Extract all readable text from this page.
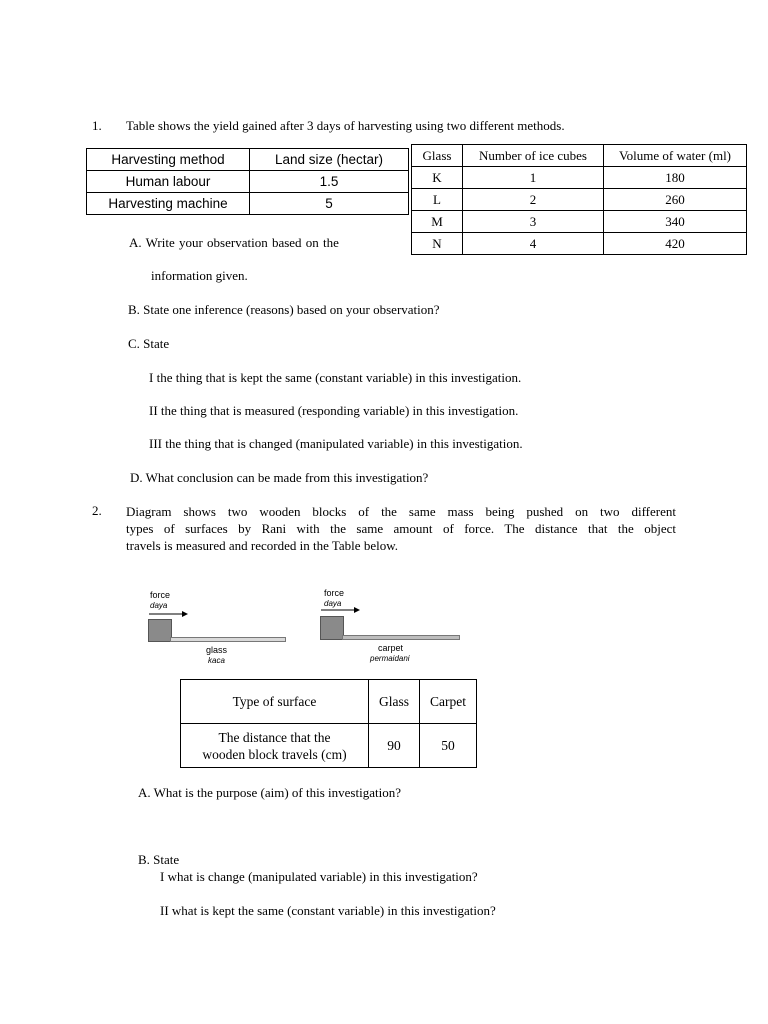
1. Table shows the yield gained after 3 days of harvesting using two different methods.
Harvesting method	Land size (hectar)
Human labour	1.5
Harvesting machine	5
Glass	Number of ice cubes	Volume of water (ml)
K	1	180
L	2	260
M	3	340
N	4	420
A. Write your observation based on the
information given.
B. State one inference (reasons) based on your observation?
C. State
I the thing that is kept the same (constant variable) in this investigation.
II the thing that is measured (responding variable) in this investigation.
III the thing that is changed (manipulated variable) in this investigation.
D. What conclusion can be made from this investigation?
2. Diagram shows two wooden blocks of the same mass being pushed on two different
types of surfaces by Rani with the same amount of force. The distance that the object
travels is measured and recorded in the Table below.
force
daya
glass
kaca
force
daya
carpet
permaidani
Type of surface	Glass	Carpet

The distance that the
wooden block travels (cm)	90	50
A. What is the purpose (aim) of this investigation?
B. State
I what is change (manipulated variable) in this investigation?
II what is kept the same (constant variable) in this investigation?
